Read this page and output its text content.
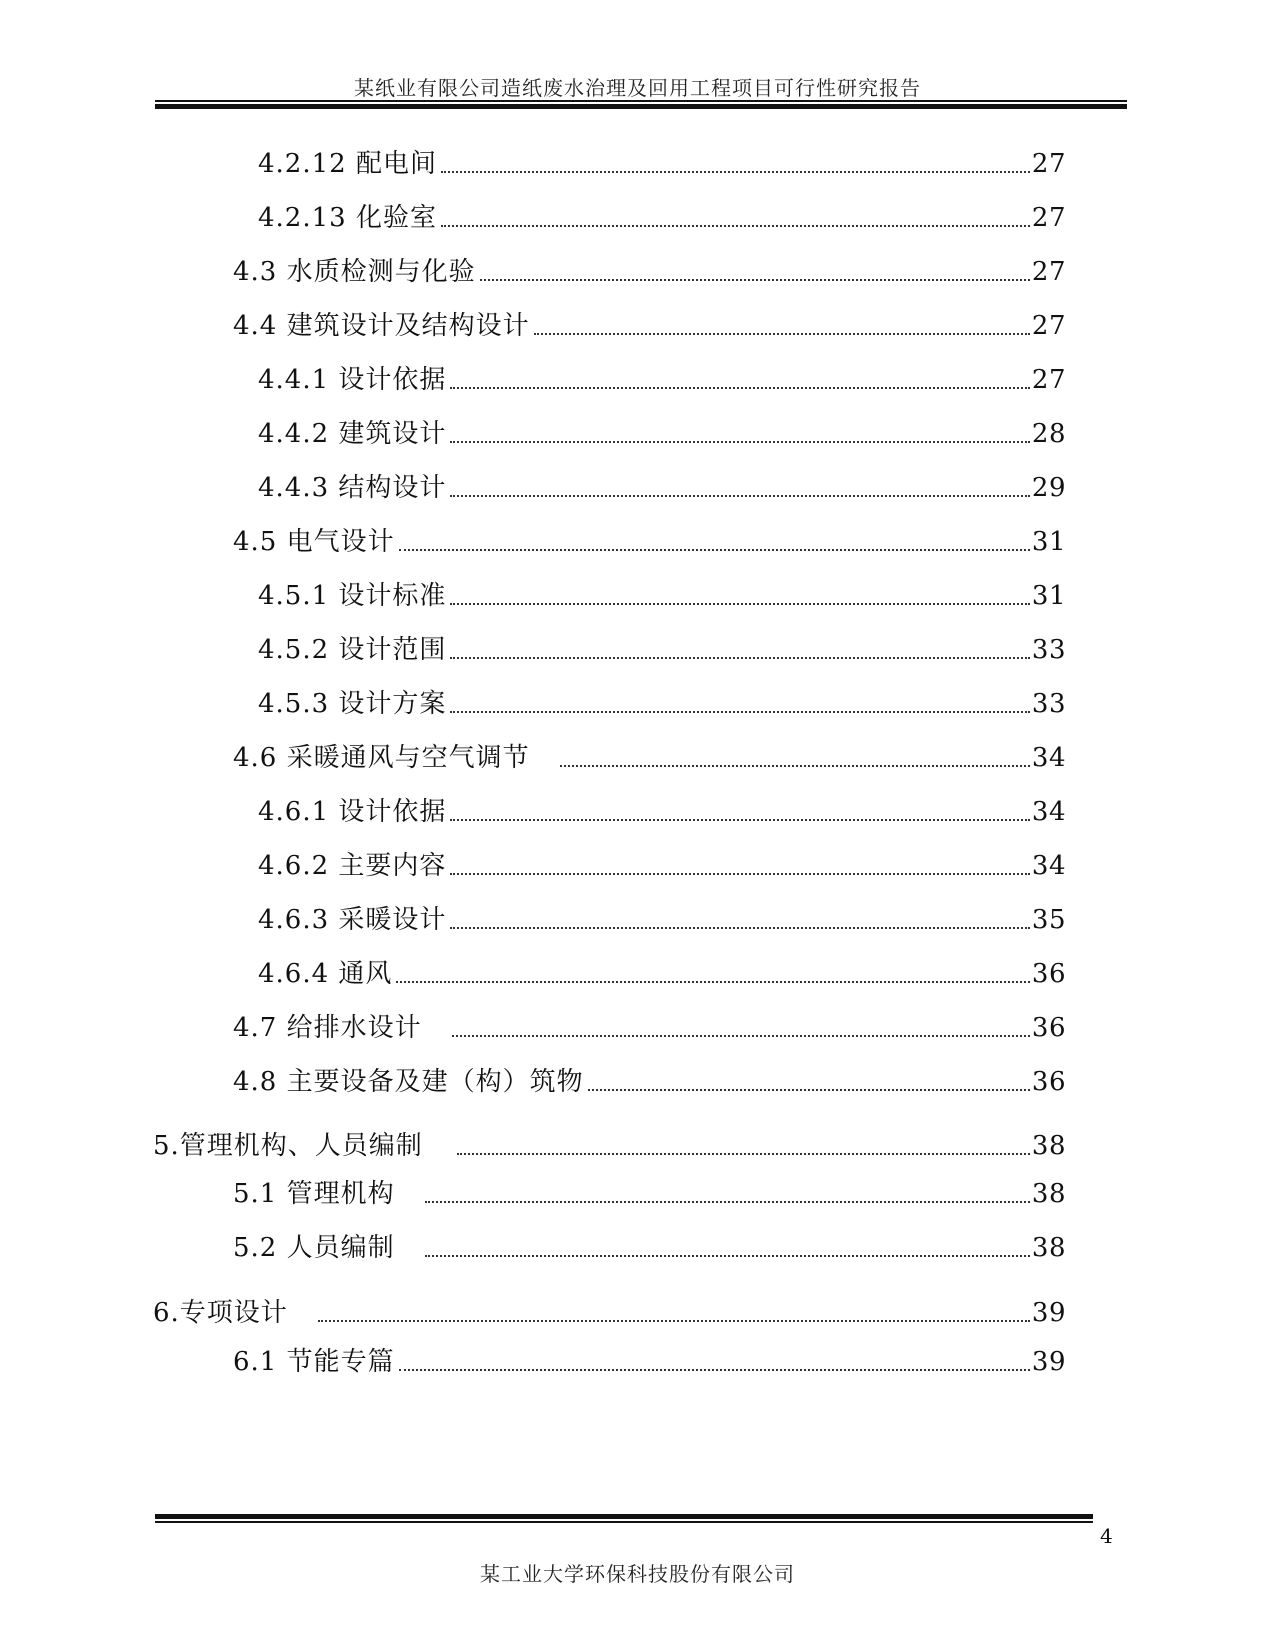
某纸业有限公司造纸废水治理及回用工程项目可行性研究报告
4.2.12 配电间	27
4.2.13 化验室	27
4.3 水质检测与化验	27
4.4 建筑设计及结构设计	27
4.4.1 设计依据	27
4.4.2 建筑设计	28
4.4.3 结构设计	29
4.5 电气设计	31
4.5.1 设计标准	31
4.5.2 设计范围	33
4.5.3 设计方案	33
4.6 采暖通风与空气调节	34
4.6.1 设计依据	34
4.6.2 主要内容	34
4.6.3 采暖设计	35
4.6.4 通风	36
4.7 给排水设计	36
4.8 主要设备及建（构）筑物	36
5.管理机构、人员编制	38
5.1 管理机构	38
5.2 人员编制	38
6.专项设计	39
6.1 节能专篇	39
4
某工业大学环保科技股份有限公司
